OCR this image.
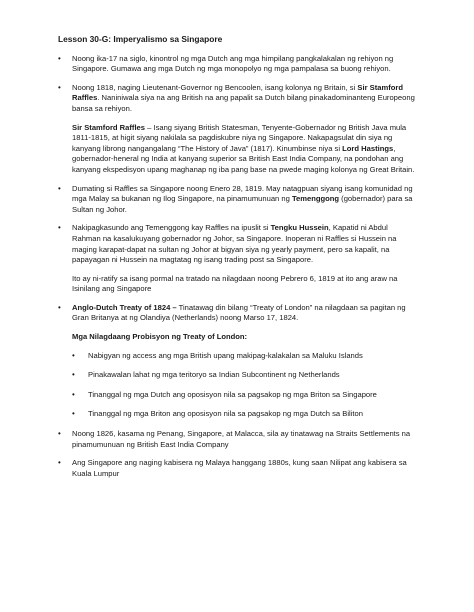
Lesson 30-G: Imperyalismo sa Singapore
• Noong ika-17 na siglo, kinontrol ng mga Dutch ang mga himpilang pangkalakalan ng rehiyon ng Singapore. Gumawa ang mga Dutch ng mga monopolyo ng mga pampalasa sa buong rehiyon.
• Noong 1818, naging Lieutenant-Governor ng Bencoolen, isang kolonya ng Britain, si Sir Stamford Raffles. Naniniwala siya na ang British na ang papalit sa Dutch bilang pinakadominanteng Europeong bansa sa rehiyon.
Sir Stamford Raffles – Isang siyang British Statesman, Tenyente-Gobernador ng British Java mula 1811-1815, at higit siyang nakilala sa pagdiskubre niya ng Singapore. Nakapagsulat din siya ng kanyang librong nangangalang “The History of Java” (1817). Kinumbinse niya si Lord Hastings, gobernador-heneral ng India at kanyang superior sa British East India Company, na pondohan ang kanyang ekspedisyon upang maghanap ng iba pang base na pwede maging kolonya ng Great Britain.
• Dumating si Raffles sa Singapore noong Enero 28, 1819. May natagpuan siyang isang komunidad ng mga Malay sa bukanan ng Ilog Singapore, na pinamumunuan ng Temenggong (gobernador) para sa Sultan ng Johor.
• Nakipagkasundo ang Temenggong kay Raffles na ipuslit si Tengku Hussein, Kapatid ni Abdul Rahman na kasalukuyang gobernador ng Johor, sa Singapore. Inoperan ni Raffles si Hussein na maging karapat-dapat na sultan ng Johor at bigyan siya ng yearly payment, pero sa kapalit, na papayagan ni Hussein na magtatag ng isang trading post sa Singapore.
Ito ay ni-ratify sa isang pormal na tratado na nilagdaan noong Pebrero 6, 1819 at ito ang araw na Isinilang ang Singapore
• Anglo-Dutch Treaty of 1824 – Tinatawag din bilang “Treaty of London” na nilagdaan sa pagitan ng Gran Britanya at ng Olandiya (Netherlands) noong Marso 17, 1824.
Mga Nilagdaang Probisyon ng Treaty of London:
• Nabigyan ng access ang mga British upang makipag-kalakalan sa Maluku Islands
• Pinakawalan lahat ng mga teritoryo sa Indian Subcontinent ng Netherlands
• Tinanggal ng mga Dutch ang oposisyon nila sa pagsakop ng mga Briton sa Singapore
• Tinanggal ng mga Briton ang oposisyon nila sa pagsakop ng mga Dutch sa Biliton
• Noong 1826, kasama ng Penang, Singapore, at Malacca, sila ay tinatawag na Straits Settlements na pinamumunuan ng British East India Company
• Ang Singapore ang naging kabisera ng Malaya hanggang 1880s, kung saan Nilipat ang kabisera sa Kuala Lumpur
